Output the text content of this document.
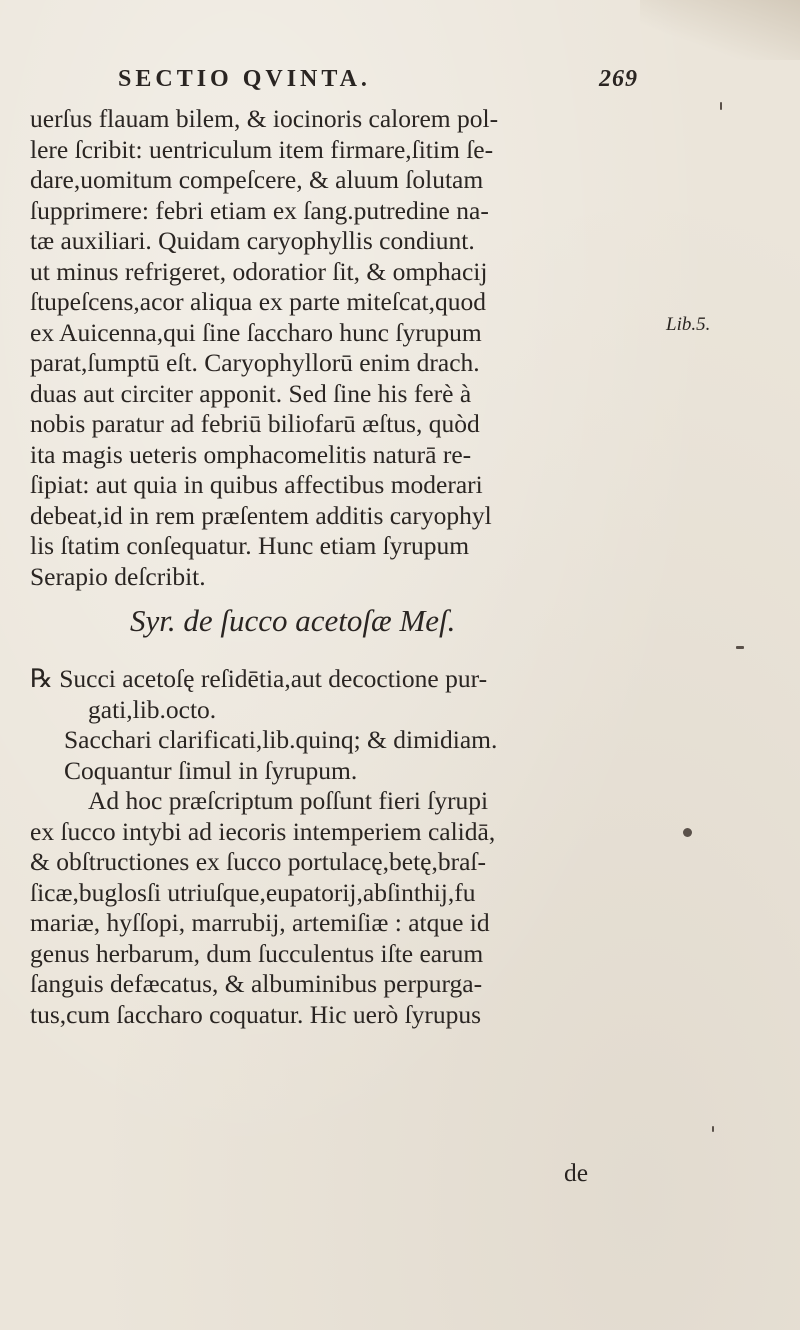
SECTIO QVINTA.	269
uerſus flauam bilem, & iocinoris calorem pol-
lere ſcribit: uentriculum item firmare,ſitim ſe-
dare,uomitum compeſcere, & aluum ſolutam
ſupprimere: febri etiam ex ſang.putredine na-
tæ auxiliari. Quidam caryophyllis condiunt.
ut minus refrigeret, odoratior ſit, & omphacij
ſtupeſcens,acor aliqua ex parte miteſcat,quod
ex Auicenna,qui ſine ſaccharo hunc ſyrupum
parat,ſumptū eſt. Caryophyllorū enim drach.
duas aut circiter apponit. Sed ſine his ferè à
nobis paratur ad febriū biliofarū æſtus, quòd
ita magis ueteris omphacomelitis naturā re-
ſipiat: aut quia in quibus affectibus moderari
debeat,id in rem præſentem additis caryophyl
lis ſtatim conſequatur. Hunc etiam ſyrupum
Serapio deſcribit.
Syr. de ſucco acetoſæ Meſ.
℞ Succi acetoſę reſidētia,aut decoctione pur-
gati,lib.octo.
Sacchari clarificati,lib.quinq; & dimidiam.
Coquantur ſimul in ſyrupum.
Ad hoc præſcriptum poſſunt fieri ſyrupi
ex ſucco intybi ad iecoris intemperiem calidā,
& obſtructiones ex ſucco portulacę,betę,braſ-
ſicæ,buglosſi utriuſque,eupatorij,abſinthij,fu
mariæ, hyſſopi, marrubij, artemiſiæ : atque id
genus herbarum, dum ſucculentus iſte earum
ſanguis defæcatus, & albuminibus perpurga-
tus,cum ſaccharo coquatur. Hic uerò ſyrupus
de
Lib.5.
